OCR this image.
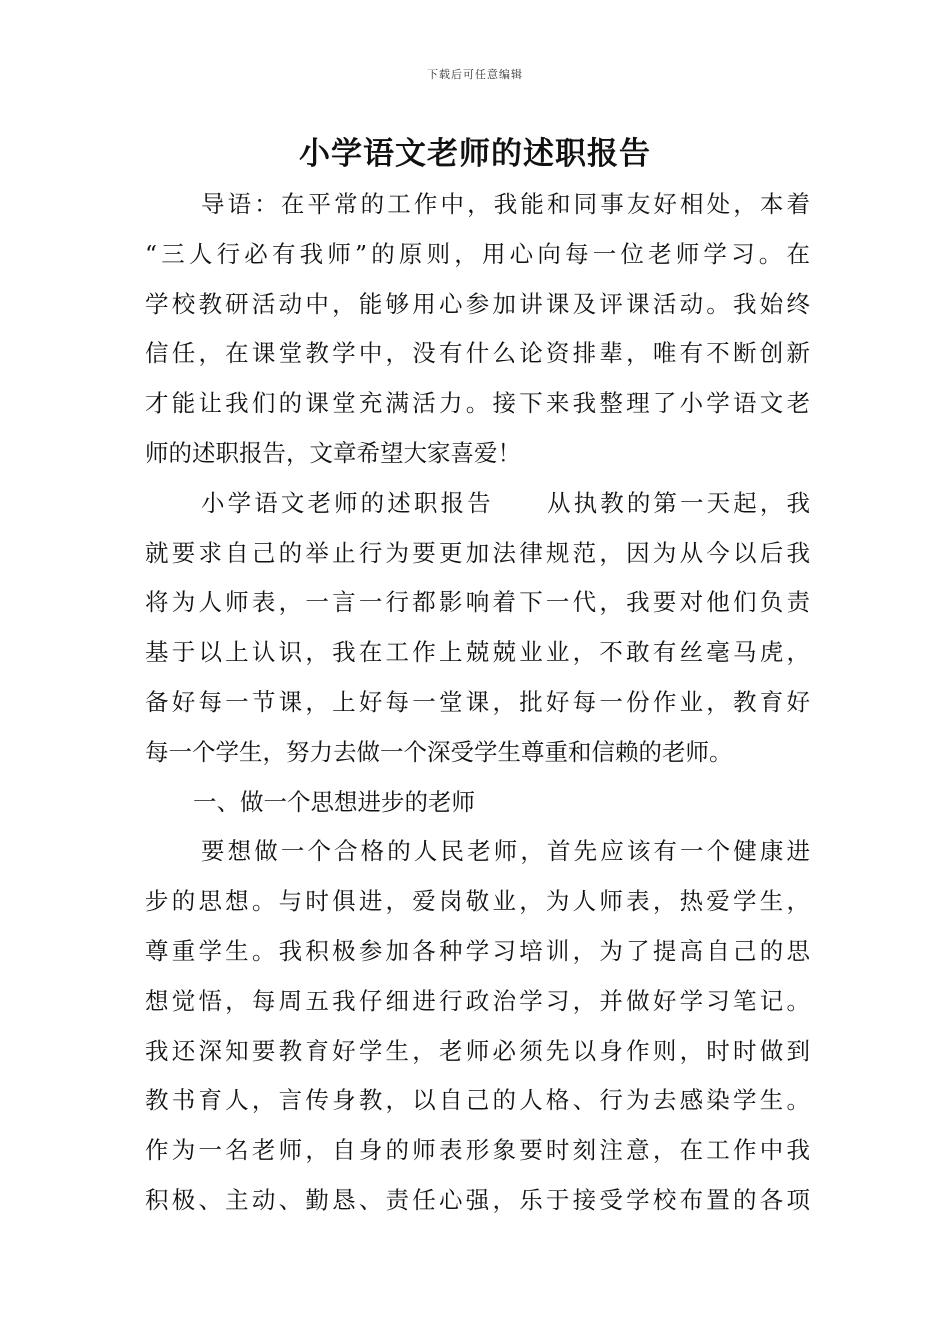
下载后可任意编辑
小学语文老师的述职报告
导语：在平常的工作中，我能和同事友好相处，本着
“三人行必有我师”的原则，用心向每一位老师学习。在
学校教研活动中，能够用心参加讲课及评课活动。我始终
信任，在课堂教学中，没有什么论资排辈，唯有不断创新
才能让我们的课堂充满活力。接下来我整理了小学语文老
师的述职报告，文章希望大家喜爱！
小学语文老师的述职报告　　从执教的第一天起，我
就要求自己的举止行为要更加法律规范，因为从今以后我
将为人师表，一言一行都影响着下一代，我要对他们负责
基于以上认识，我在工作上兢兢业业，不敢有丝毫马虎，
备好每一节课，上好每一堂课，批好每一份作业，教育好
每一个学生，努力去做一个深受学生尊重和信赖的老师。
一、做一个思想进步的老师
要想做一个合格的人民老师，首先应该有一个健康进
步的思想。与时俱进，爱岗敬业，为人师表，热爱学生，
尊重学生。我积极参加各种学习培训，为了提高自己的思
想觉悟，每周五我仔细进行政治学习，并做好学习笔记。
我还深知要教育好学生，老师必须先以身作则，时时做到
教书育人，言传身教，以自己的人格、行为去感染学生。
作为一名老师，自身的师表形象要时刻注意，在工作中我
积极、主动、勤恳、责任心强，乐于接受学校布置的各项
